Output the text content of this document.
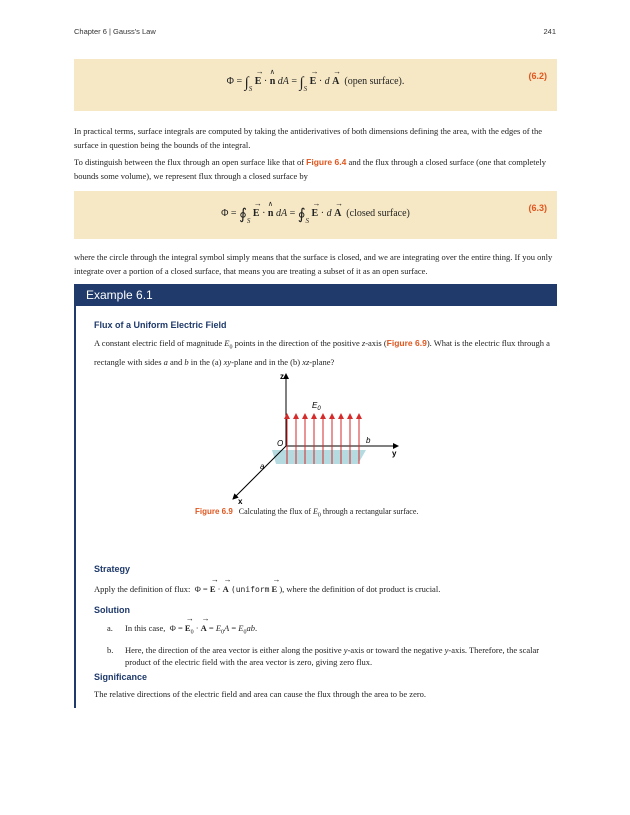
Chapter 6 | Gauss's Law	241
$\Phi = \int_S \to E$ · ∧ n dA = $\int_S \to E \cdot d \to A$ (open surface).	(6.2)

In practical terms, surface integrals are computed by taking the antiderivatives of both dimensions defining the area, with the edges of the surface in question being the bounds of the integral.

To distinguish between the flux through an open surface like that of Figure 6.4 and the flux through a closed surface (one that completely bounds some volume), we represent flux through a closed surface by

$\Phi = ∮_S \to E$ · ∧ n dA = $∮_S \to E \cdot d \to A$ (closed surface)	(6.3)
where the circle through the integral symbol simply means that the surface is closed, and we are integrating over the entire thing. If you only integrate over a portion of a closed surface, that means you are treating a subset of it as an open surface.
Example 6.1
Flux of a Uniform Electric Field
A constant electric field of magnitude $E_0$ points in the direction of the positive z-axis (Figure 6.9). What is the electric flux through a rectangle with sides a and b in the (a) xy-plane and in the (b) xz-plane?
z
$E_0$
O	b
y
a
x
Figure 6.9 Calculating the flux of $E_0$ through a rectangular surface.
Strategy
Apply the definition of flux:  Φ = → E · → A (uniform → E ), where the definition of dot product is crucial.
Solution
a. In this case,  Φ = → $E_0$ · → $A = E_0A = E_0ab$.
b. Here, the direction of the area vector is either along the positive y-axis or toward the negative y-axis. Therefore, the scalar product of the electric field with the area vector is zero, giving zero flux.
Significance
The relative directions of the electric field and area can cause the flux through the area to be zero.
